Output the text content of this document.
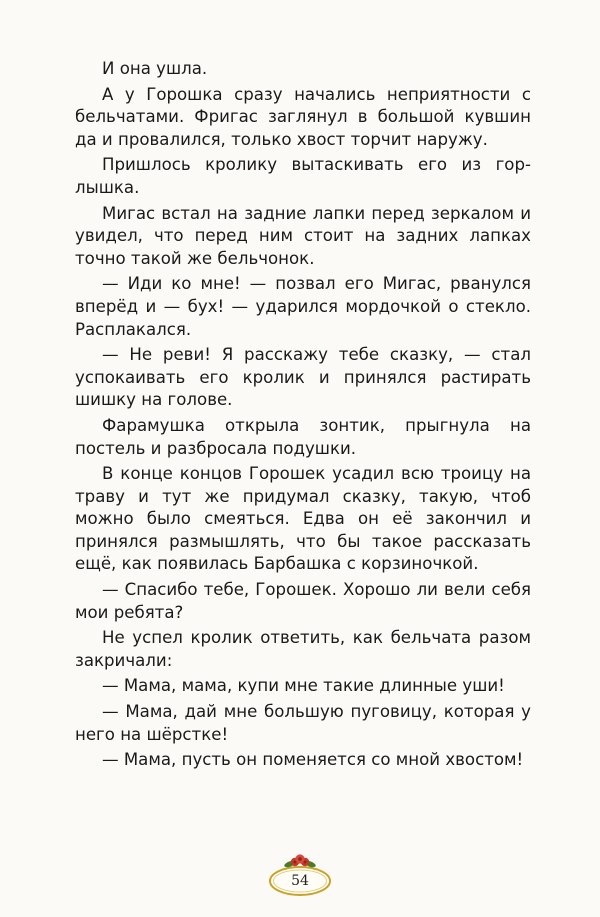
И она ушла.

А у Горошка сразу начались неприятности с бельчатами. Фригас заглянул в большой кувшин да и провалился, только хвост торчит наружу.

Пришлось кролику вытаскивать его из горлышка.

Мигас встал на задние лапки перед зеркалом и увидел, что перед ним стоит на задних лапках точно такой же бельчонок.

— Иди ко мне! — позвал его Мигас, рванулся вперёд и — бух! — ударился мордочкой о стекло. Расплакался.

— Не реви! Я расскажу тебе сказку, — стал успокаивать его кролик и принялся растирать шишку на голове.

Фарамушка открыла зонтик, прыгнула на постель и разбросала подушки.

В конце концов Горошек усадил всю троицу на траву и тут же придумал сказку, такую, чтоб можно было смеяться. Едва он её закончил и принялся размышлять, что бы такое рассказать ещё, как появилась Барбашка с корзиночкой.

— Спасибо тебе, Горошек. Хорошо ли вели себя мои ребята?

Не успел кролик ответить, как бельчата разом закричали:

— Мама, мама, купи мне такие длинные уши!

— Мама, дай мне большую пуговицу, которая у него на шёрстке!

— Мама, пусть он поменяется со мной хвостом!

54
